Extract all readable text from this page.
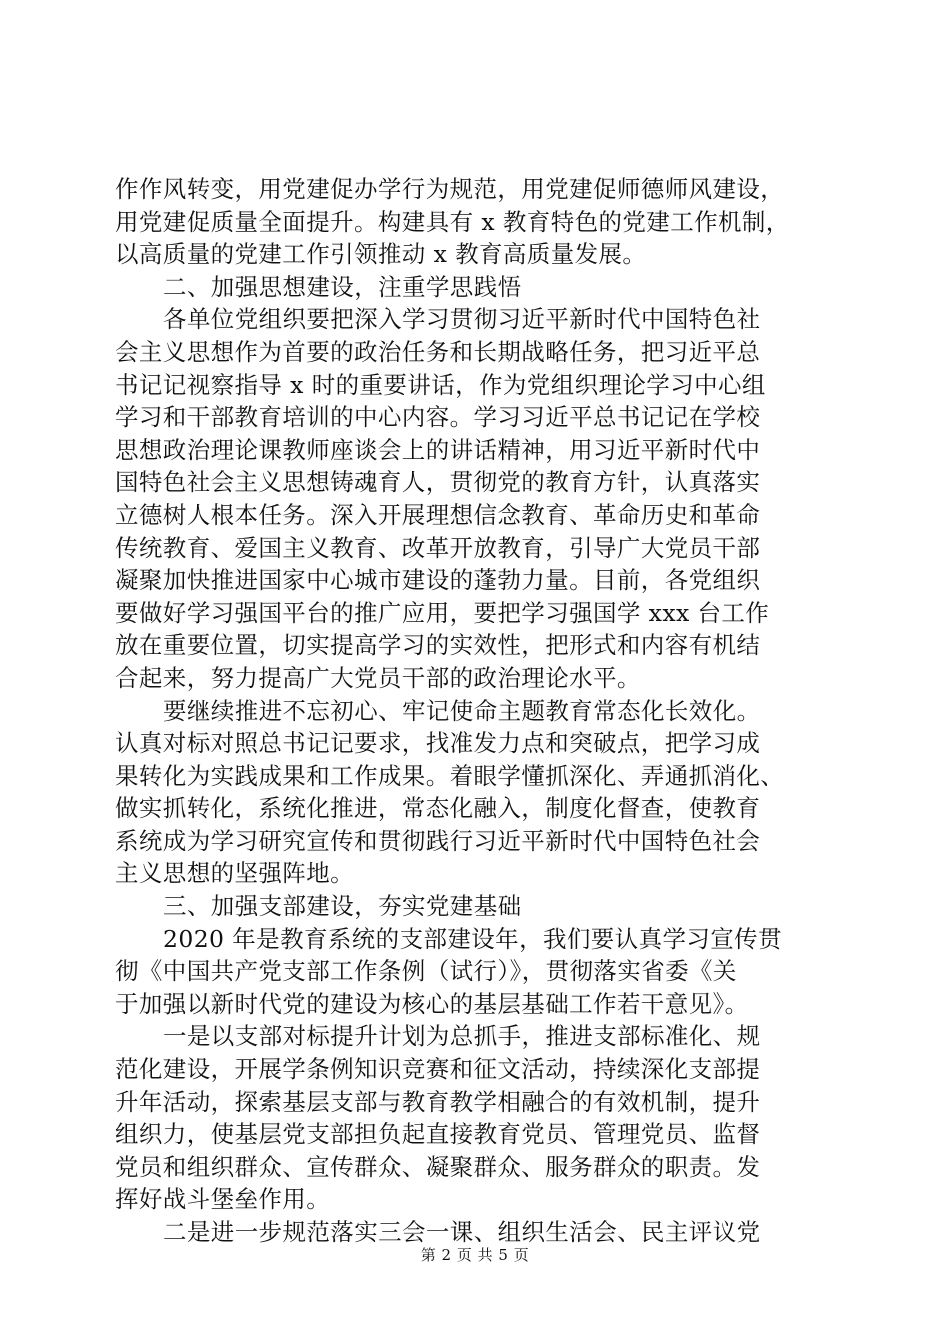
作作风转变，用党建促办学行为规范，用党建促师德师风建设，
用党建促质量全面提升。构建具有 x 教育特色的党建工作机制，
以高质量的党建工作引领推动 x 教育高质量发展。
二、加强思想建设，注重学思践悟
各单位党组织要把深入学习贯彻习近平新时代中国特色社
会主义思想作为首要的政治任务和长期战略任务，把习近平总
书记记视察指导 x 时的重要讲话，作为党组织理论学习中心组
学习和干部教育培训的中心内容。学习习近平总书记记在学校
思想政治理论课教师座谈会上的讲话精神，用习近平新时代中
国特色社会主义思想铸魂育人，贯彻党的教育方针，认真落实
立德树人根本任务。深入开展理想信念教育、革命历史和革命
传统教育、爱国主义教育、改革开放教育，引导广大党员干部
凝聚加快推进国家中心城市建设的蓬勃力量。目前，各党组织
要做好学习强国平台的推广应用，要把学习强国学 xxx 台工作
放在重要位置，切实提高学习的实效性，把形式和内容有机结
合起来，努力提高广大党员干部的政治理论水平。
要继续推进不忘初心、牢记使命主题教育常态化长效化。
认真对标对照总书记记要求，找准发力点和突破点，把学习成
果转化为实践成果和工作成果。着眼学懂抓深化、弄通抓消化、
做实抓转化，系统化推进，常态化融入，制度化督查，使教育
系统成为学习研究宣传和贯彻践行习近平新时代中国特色社会
主义思想的坚强阵地。
三、加强支部建设，夯实党建基础
2020 年是教育系统的支部建设年，我们要认真学习宣传贯
彻《中国共产党支部工作条例（试行）》，贯彻落实省委《关
于加强以新时代党的建设为核心的基层基础工作若干意见》。
一是以支部对标提升计划为总抓手，推进支部标准化、规
范化建设，开展学条例知识竞赛和征文活动，持续深化支部提
升年活动，探索基层支部与教育教学相融合的有效机制，提升
组织力，使基层党支部担负起直接教育党员、管理党员、监督
党员和组织群众、宣传群众、凝聚群众、服务群众的职责。发
挥好战斗堡垒作用。
二是进一步规范落实三会一课、组织生活会、民主评议党
第 2 页 共 5 页
